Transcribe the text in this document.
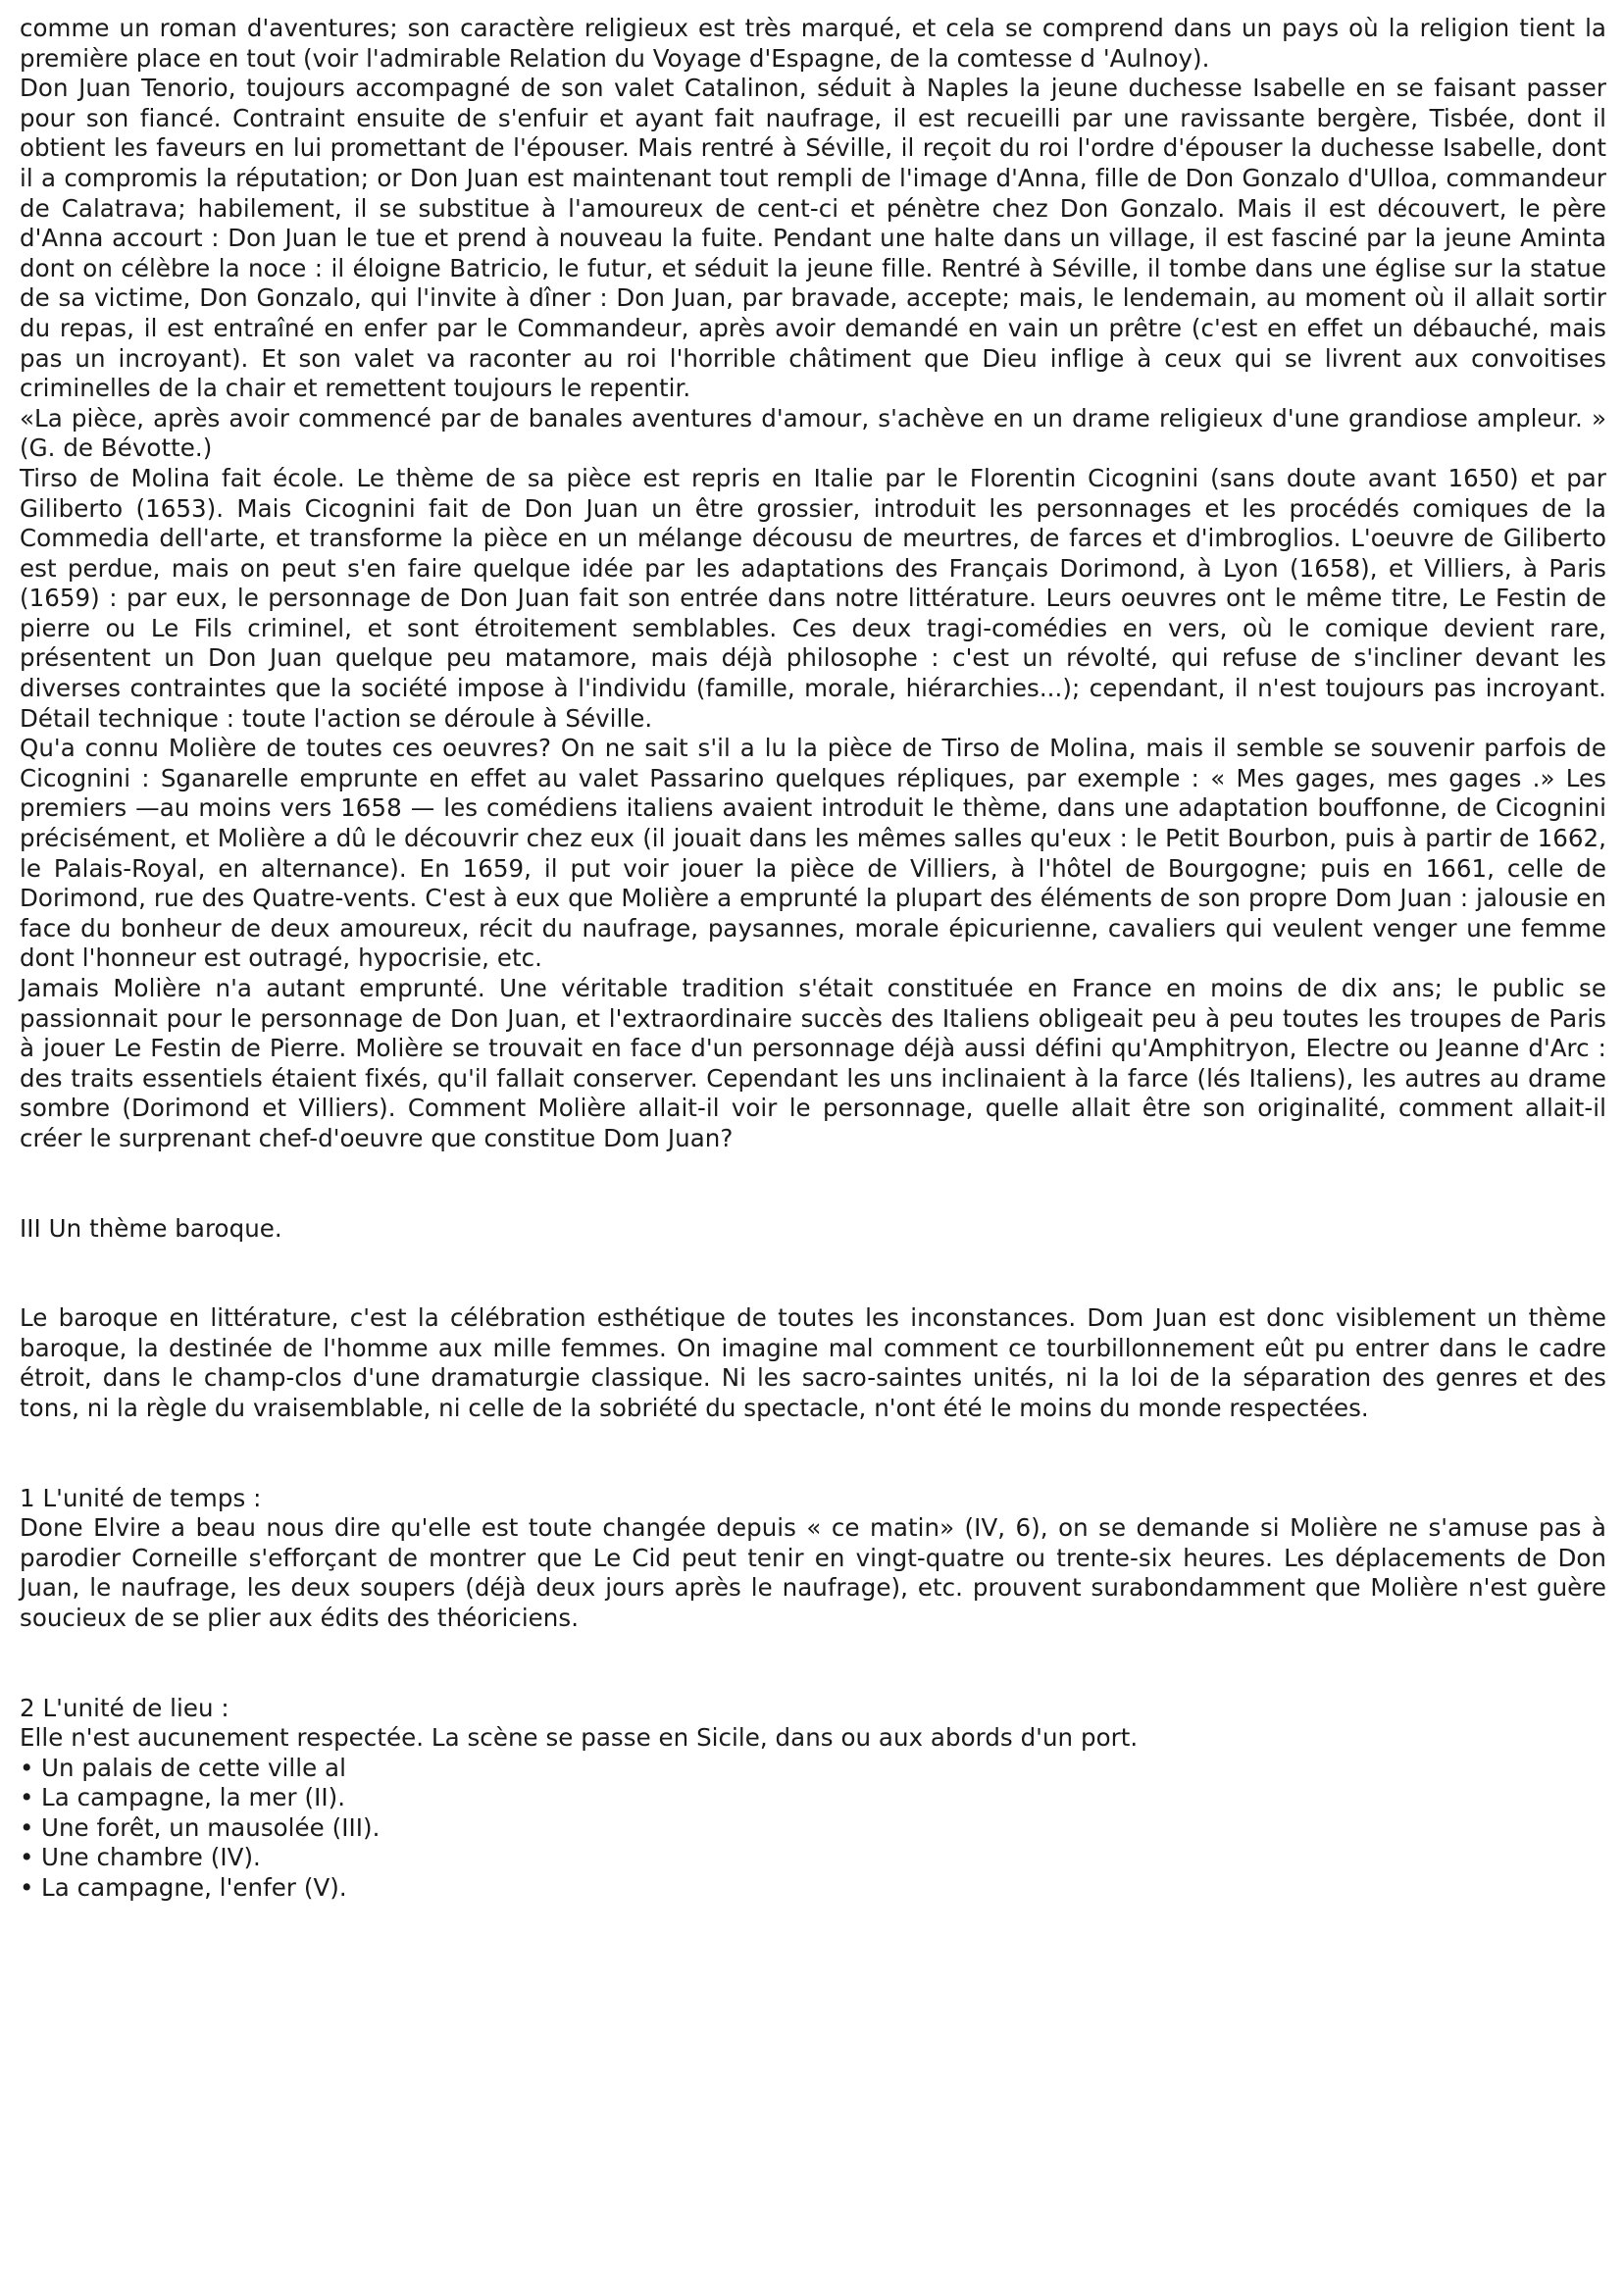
comme un roman d'aventures; son caractère religieux est très marqué, et cela se comprend dans un pays où la religion tient la première place en tout (voir l'admirable Relation du Voyage d'Espagne, de la comtesse d 'Aulnoy).

Don Juan Tenorio, toujours accompagné de son valet Catalinon, séduit à Naples la jeune duchesse Isabelle en se faisant passer pour son fiancé. Contraint ensuite de s'enfuir et ayant fait naufrage, il est recueilli par une ravissante bergère, Tisbée, dont il obtient les faveurs en lui promettant de l'épouser. Mais rentré à Séville, il reçoit du roi l'ordre d'épouser la duchesse Isabelle, dont il a compromis la réputation; or Don Juan est maintenant tout rempli de l'image d'Anna, fille de Don Gonzalo d'Ulloa, commandeur de Calatrava; habilement, il se substitue à l'amoureux de cent-ci et pénètre chez Don Gonzalo. Mais il est découvert, le père d'Anna accourt : Don Juan le tue et prend à nouveau la fuite. Pendant une halte dans un village, il est fasciné par la jeune Aminta dont on célèbre la noce : il éloigne Batricio, le futur, et séduit la jeune fille. Rentré à Séville, il tombe dans une église sur la statue de sa victime, Don Gonzalo, qui l'invite à dîner : Don Juan, par bravade, accepte; mais, le lendemain, au moment où il allait sortir du repas, il est entraîné en enfer par le Commandeur, après avoir demandé en vain un prêtre (c'est en effet un débauché, mais pas un incroyant). Et son valet va raconter au roi l'horrible châtiment que Dieu inflige à ceux qui se livrent aux convoitises criminelles de la chair et remettent toujours le repentir.

«La pièce, après avoir commencé par de banales aventures d'amour, s'achève en un drame religieux d'une grandiose ampleur. » (G. de Bévotte.)

Tirso de Molina fait école. Le thème de sa pièce est repris en Italie par le Florentin Cicognini (sans doute avant 1650) et par Giliberto (1653). Mais Cicognini fait de Don Juan un être grossier, introduit les personnages et les procédés comiques de la Commedia dell'arte, et transforme la pièce en un mélange décousu de meurtres, de farces et d'imbroglios. L'oeuvre de Giliberto est perdue, mais on peut s'en faire quelque idée par les adaptations des Français Dorimond, à Lyon (1658), et Villiers, à Paris (1659) : par eux, le personnage de Don Juan fait son entrée dans notre littérature. Leurs oeuvres ont le même titre, Le Festin de pierre ou Le Fils criminel, et sont étroitement semblables. Ces deux tragi-comédies en vers, où le comique devient rare, présentent un Don Juan quelque peu matamore, mais déjà philosophe : c'est un révolté, qui refuse de s'incliner devant les diverses contraintes que la société impose à l'individu (famille, morale, hiérarchies...); cependant, il n'est toujours pas incroyant. Détail technique : toute l'action se déroule à Séville.

Qu'a connu Molière de toutes ces oeuvres? On ne sait s'il a lu la pièce de Tirso de Molina, mais il semble se souvenir parfois de Cicognini : Sganarelle emprunte en effet au valet Passarino quelques répliques, par exemple : « Mes gages, mes gages .» Les premiers —au moins vers 1658 — les comédiens italiens avaient introduit le thème, dans une adaptation bouffonne, de Cicognini précisément, et Molière a dû le découvrir chez eux (il jouait dans les mêmes salles qu'eux : le Petit Bourbon, puis à partir de 1662, le Palais-Royal, en alternance). En 1659, il put voir jouer la pièce de Villiers, à l'hôtel de Bourgogne; puis en 1661, celle de Dorimond, rue des Quatre-vents. C'est à eux que Molière a emprunté la plupart des éléments de son propre Dom Juan : jalousie en face du bonheur de deux amoureux, récit du naufrage, paysannes, morale épicurienne, cavaliers qui veulent venger une femme dont l'honneur est outragé, hypocrisie, etc.

Jamais Molière n'a autant emprunté. Une véritable tradition s'était constituée en France en moins de dix ans; le public se passionnait pour le personnage de Don Juan, et l'extraordinaire succès des Italiens obligeait peu à peu toutes les troupes de Paris à jouer Le Festin de Pierre. Molière se trouvait en face d'un personnage déjà aussi défini qu'Amphitryon, Electre ou Jeanne d'Arc : des traits essentiels étaient fixés, qu'il fallait conserver. Cependant les uns inclinaient à la farce (lés Italiens), les autres au drame sombre (Dorimond et Villiers). Comment Molière allait-il voir le personnage, quelle allait être son originalité, comment allait-il créer le surprenant chef-d'oeuvre que constitue Dom Juan?

III Un thème baroque.

Le baroque en littérature, c'est la célébration esthétique de toutes les inconstances. Dom Juan est donc visiblement un thème baroque, la destinée de l'homme aux mille femmes. On imagine mal comment ce tourbillonnement eût pu entrer dans le cadre étroit, dans le champ-clos d'une dramaturgie classique. Ni les sacro-saintes unités, ni la loi de la séparation des genres et des tons, ni la règle du vraisemblable, ni celle de la sobriété du spectacle, n'ont été le moins du monde respectées.

1 L'unité de temps :

Done Elvire a beau nous dire qu'elle est toute changée depuis « ce matin» (IV, 6), on se demande si Molière ne s'amuse pas à parodier Corneille s'efforçant de montrer que Le Cid peut tenir en vingt-quatre ou trente-six heures. Les déplacements de Don Juan, le naufrage, les deux soupers (déjà deux jours après le naufrage), etc. prouvent surabondamment que Molière n'est guère soucieux de se plier aux édits des théoriciens.

2 L'unité de lieu :

Elle n'est aucunement respectée. La scène se passe en Sicile, dans ou aux abords d'un port.

• Un palais de cette ville al
• La campagne, la mer (II).
• Une forêt, un mausolée (III).
• Une chambre (IV).
• La campagne, l'enfer (V).
